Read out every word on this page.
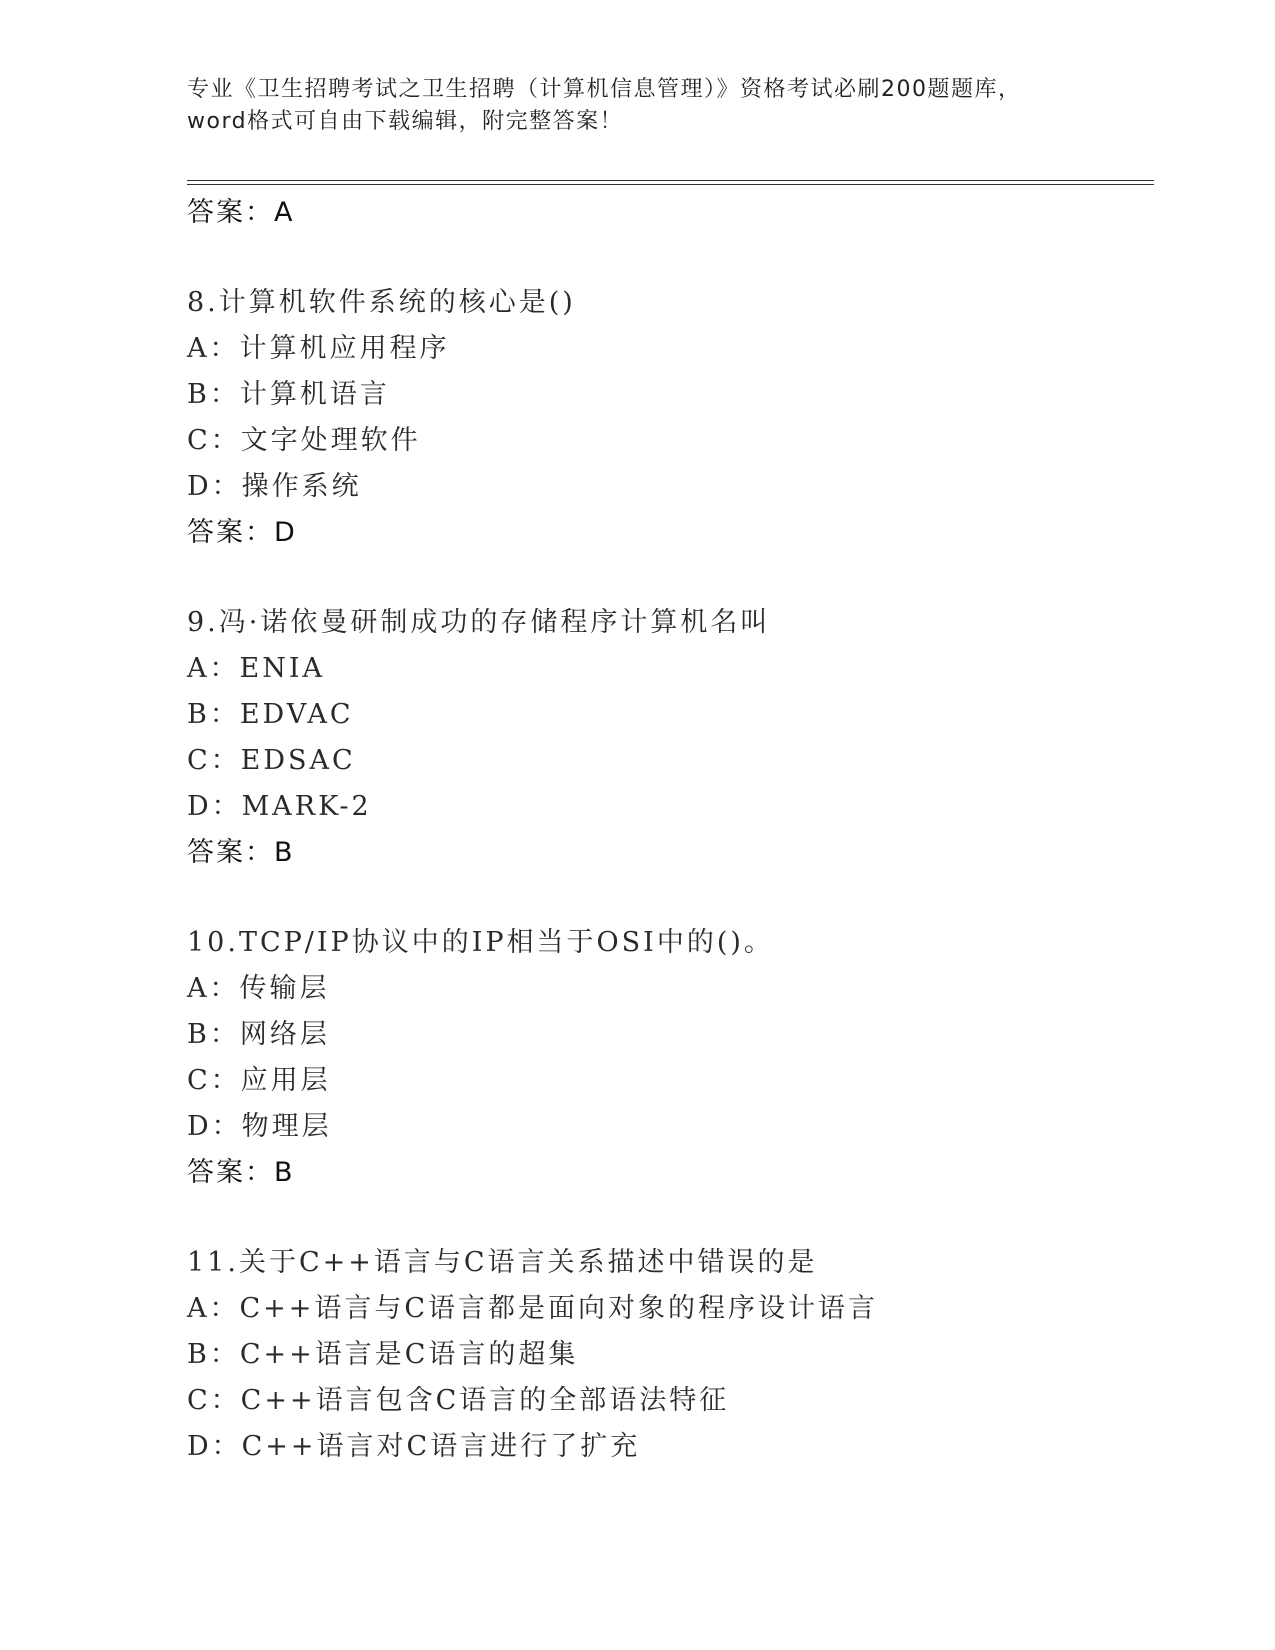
专业《卫生招聘考试之卫生招聘（计算机信息管理）》资格考试必刷200题题库，
word格式可自由下载编辑，附完整答案！
答案：A
8.计算机软件系统的核心是()
A：计算机应用程序
B：计算机语言
C：文字处理软件
D：操作系统
答案：D
9.冯·诺依曼研制成功的存储程序计算机名叫
A：ENIA
B：EDVAC
C：EDSAC
D：MARK-2
答案：B
10.TCP/IP协议中的IP相当于OSI中的()。
A：传输层
B：网络层
C：应用层
D：物理层
答案：B
11.关于C++语言与C语言关系描述中错误的是
A：C++语言与C语言都是面向对象的程序设计语言
B：C++语言是C语言的超集
C：C++语言包含C语言的全部语法特征
D：C++语言对C语言进行了扩充
